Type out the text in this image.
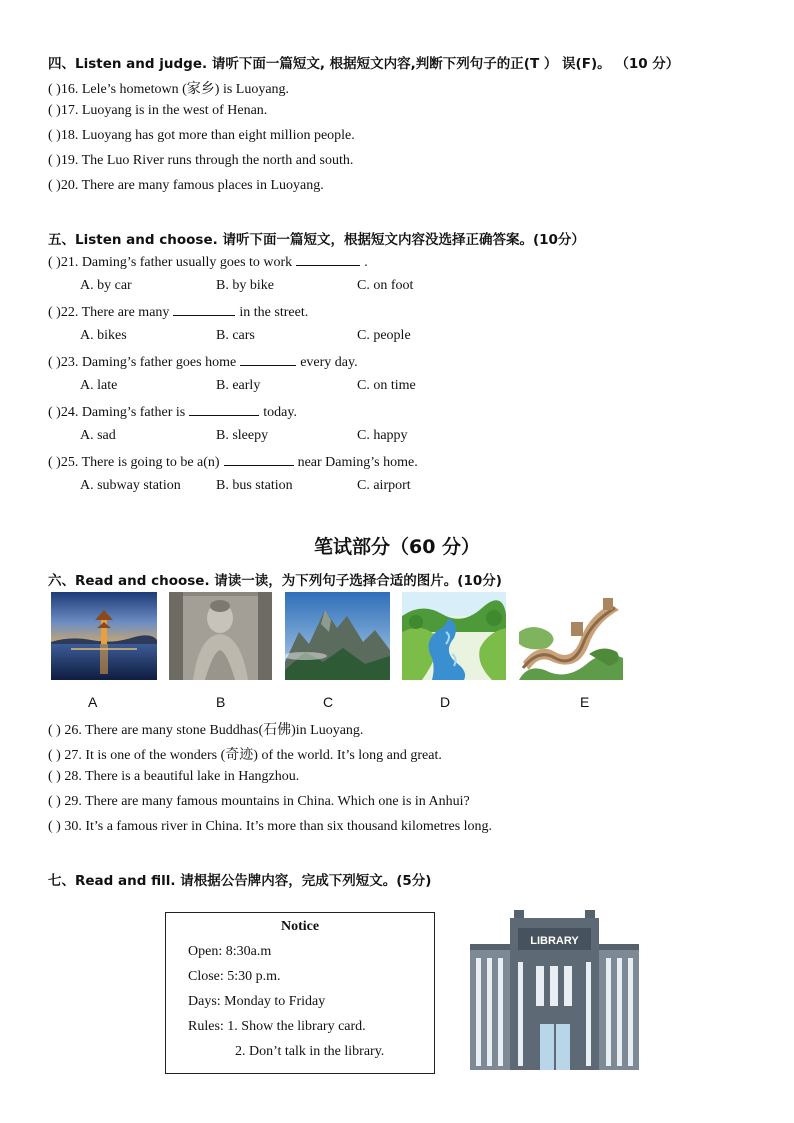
四、Listen and judge. 请听下面一篇短文, 根据短文内容,判断下列句子的正(T ） 误(F)。 （10 分）
( )16. Lele’s hometown (家乡) is Luoyang.
( )17. Luoyang is in the west of Henan.
( )18. Luoyang has got more than eight million people.
( )19. The Luo River runs through the north and south.
( )20. There are many famous places in Luoyang.
五、Listen and choose. 请听下面一篇短文，根据短文内容没选择正确答案。(10分）
( )21. Daming’s father usually goes to work	.
A. by car	B. by bike	C. on foot
( )22. There are many	in the street.
A. bikes	B. cars	C. people
( )23. Daming’s father goes home	every day.
A. late	B. early	C. on time
( )24. Daming’s father is	today.
A. sad	B. sleepy	C. happy
( )25. There is going to be a(n)	near Daming’s home.
A. subway station	B. bus station	C. airport
笔试部分（60 分）
六、Read and choose. 请读一读，为下列句子选择合适的图片。(10分)
A	B	C	D	E
( ) 26. There are many stone Buddhas(石佛)in Luoyang.
( ) 27. It is one of the wonders (奇迹) of the world. It’s long and great.
( ) 28. There is a beautiful lake in Hangzhou.
( ) 29. There are many famous mountains in China. Which one is in Anhui?
( ) 30. It’s a famous river in China. It’s more than six thousand kilometres long.
七、Read and fill. 请根据公告牌内容，完成下列短文。(5分)
Notice
Open: 8:30a.m
Close: 5:30 p.m.
Days: Monday to Friday
Rules: 1. Show the library card.
2. Don’t talk in the library.
LIBRARY
